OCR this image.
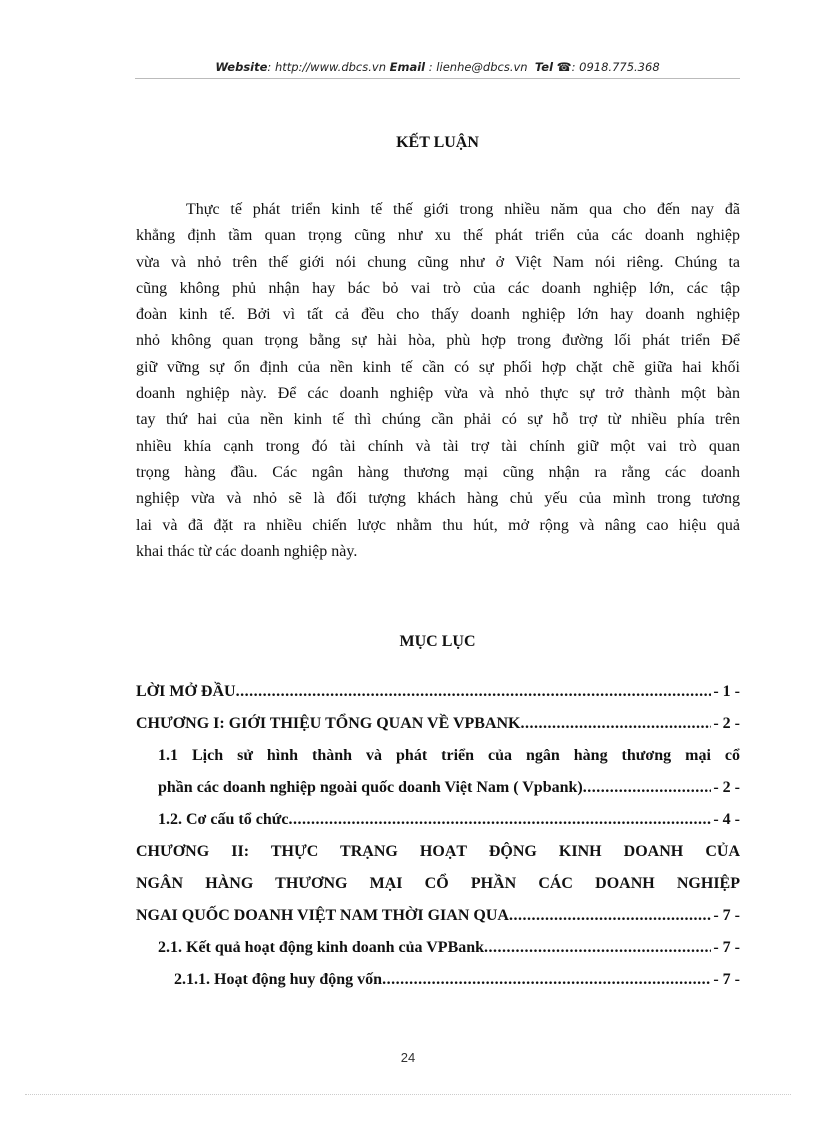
Website: http://www.dbcs.vn Email : lienhe@dbcs.vn Tel ☎: 0918.775.368
KẾT LUẬN
Thực tế phát triển kinh tế thế giới trong nhiều năm qua cho đến nay đã
khẳng định tầm quan trọng cũng như xu thế phát triển của các doanh nghiệp
vừa và nhỏ trên thế giới nói chung cũng như ở Việt Nam nói riêng. Chúng ta
cũng không phủ nhận hay bác bỏ vai trò của các doanh nghiệp lớn, các tập
đoàn kinh tế. Bởi vì tất cả đều cho thấy doanh nghiệp lớn hay doanh nghiệp
nhỏ không quan trọng bằng sự hài hòa, phù hợp trong đường lối phát triển Để
giữ vững sự ổn định của nền kinh tế cần có sự phối hợp chặt chẽ giữa hai khối
doanh nghiệp này. Để các doanh nghiệp vừa và nhỏ thực sự trở thành một bàn
tay thứ hai của nền kinh tế thì chúng cần phải có sự hỗ trợ từ nhiều phía trên
nhiều khía cạnh trong đó tài chính và tài trợ tài chính giữ một vai trò quan
trọng hàng đầu. Các ngân hàng thương mại cũng nhận ra rằng các doanh
nghiệp vừa và nhỏ sẽ là đối tượng khách hàng chủ yếu của mình trong tương
lai và đã đặt ra nhiều chiến lược nhằm thu hút, mở rộng và nâng cao hiệu quả
khai thác từ các doanh nghiệp này.
MỤC LỤC
LỜI MỞ ĐẦU .....	- 1 -
CHƯƠNG I: GIỚI THIỆU TỔNG QUAN VỀ VPBANK .....	- 2 -
1.1 Lịch sử hình thành và phát triển của ngân hàng thương mại cổ
phần các doanh nghiệp ngoài quốc doanh Việt Nam ( Vpbank) .....	- 2 -
1.2. Cơ cấu tổ chức .....	- 4 -
CHƯƠNG II: THỰC TRẠNG HOẠT ĐỘNG KINH DOANH CỦA
NGÂN HÀNG THƯƠNG MẠI CỔ PHẦN CÁC DOANH NGHIỆP
NGAI QUỐC DOANH VIỆT NAM THỜI GIAN QUA .....	- 7 -
2.1. Kết quả hoạt động kinh doanh của VPBank .....	- 7 -
2.1.1. Hoạt động huy động vốn .....	- 7 -
24
